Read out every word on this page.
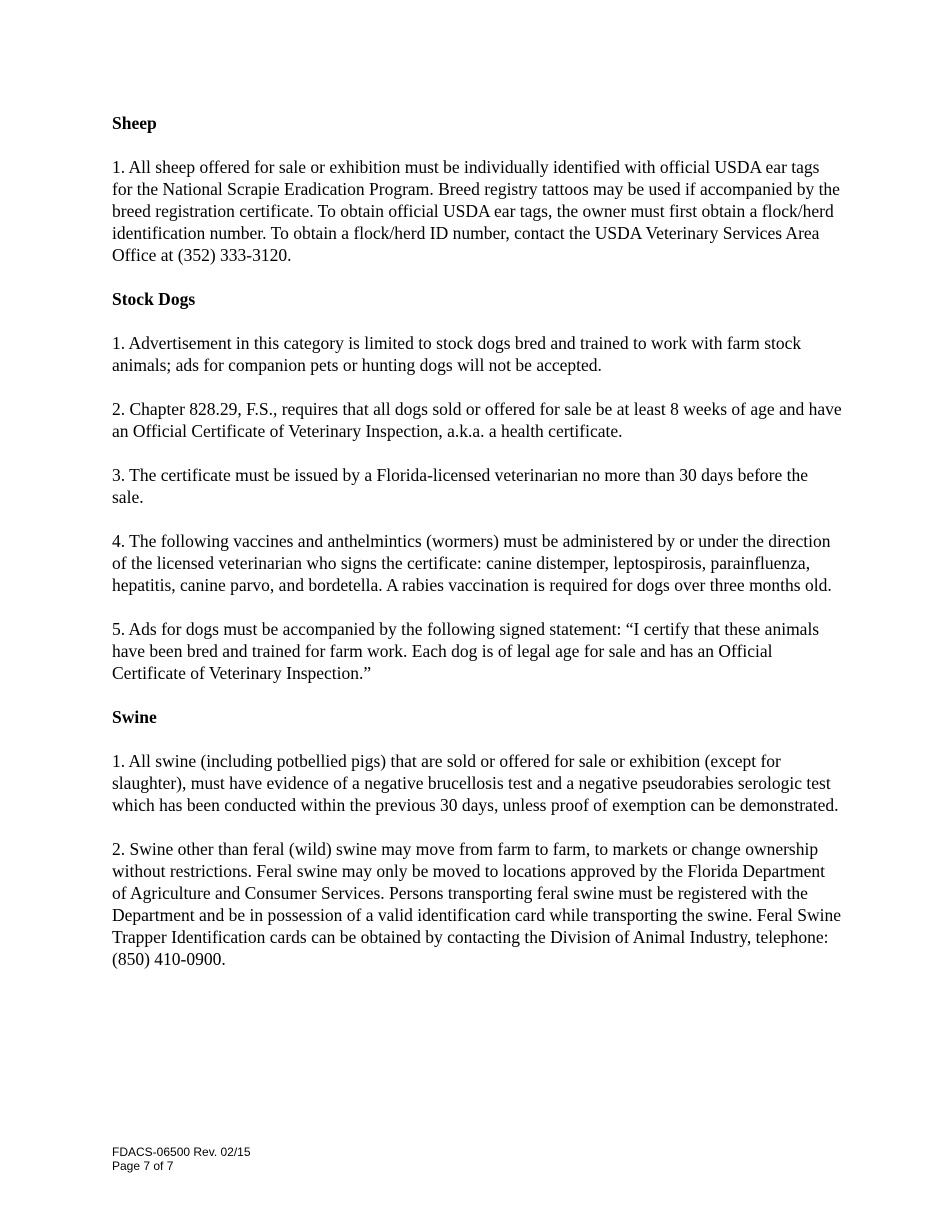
Sheep
1. All sheep offered for sale or exhibition must be individually identified with official USDA ear tags for the National Scrapie Eradication Program. Breed registry tattoos may be used if accompanied by the breed registration certificate. To obtain official USDA ear tags, the owner must first obtain a flock/herd identification number. To obtain a flock/herd ID number, contact the USDA Veterinary Services Area Office at (352) 333-3120.
Stock Dogs
1. Advertisement in this category is limited to stock dogs bred and trained to work with farm stock animals; ads for companion pets or hunting dogs will not be accepted.
2. Chapter 828.29, F.S., requires that all dogs sold or offered for sale be at least 8 weeks of age and have an Official Certificate of Veterinary Inspection, a.k.a. a health certificate.
3. The certificate must be issued by a Florida-licensed veterinarian no more than 30 days before the sale.
4. The following vaccines and anthelmintics (wormers) must be administered by or under the direction of the licensed veterinarian who signs the certificate: canine distemper, leptospirosis, parainfluenza, hepatitis, canine parvo, and bordetella. A rabies vaccination is required for dogs over three months old.
5. Ads for dogs must be accompanied by the following signed statement: “I certify that these animals have been bred and trained for farm work. Each dog is of legal age for sale and has an Official Certificate of Veterinary Inspection.”
Swine
1. All swine (including potbellied pigs) that are sold or offered for sale or exhibition (except for slaughter), must have evidence of a negative brucellosis test and a negative pseudorabies serologic test which has been conducted within the previous 30 days, unless proof of exemption can be demonstrated.
2. Swine other than feral (wild) swine may move from farm to farm, to markets or change ownership without restrictions. Feral swine may only be moved to locations approved by the Florida Department of Agriculture and Consumer Services. Persons transporting feral swine must be registered with the Department and be in possession of a valid identification card while transporting the swine. Feral Swine Trapper Identification cards can be obtained by contacting the Division of Animal Industry, telephone: (850) 410-0900.
FDACS-06500 Rev. 02/15
Page 7 of 7
